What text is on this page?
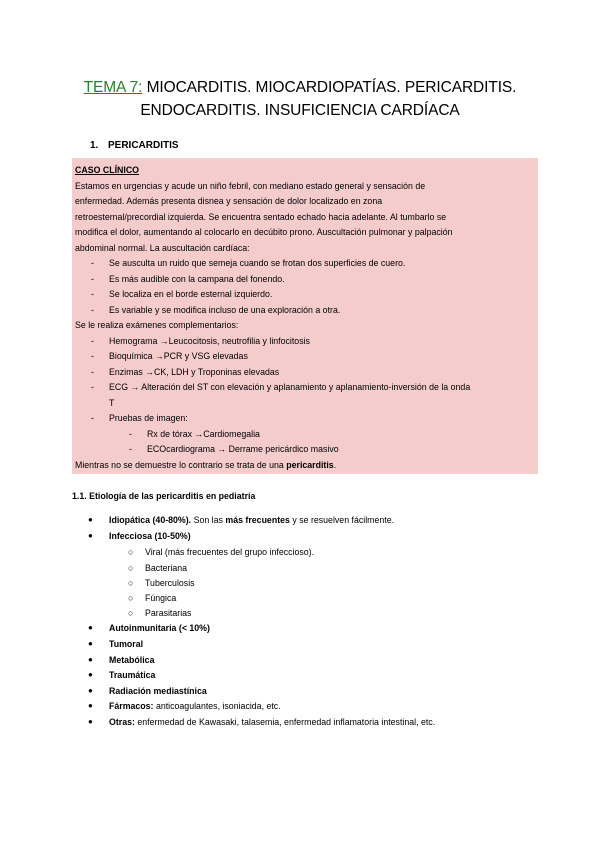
TEMA 7: MIOCARDITIS. MIOCARDIOPATÍAS. PERICARDITIS.
ENDOCARDITIS. INSUFICIENCIA CARDÍACA
1. PERICARDITIS

CASO CLÍNICO

Estamos en urgencias y acude un niño febril, con mediano estado general y sensación de

enfermedad. Además presenta disnea y sensación de dolor localizado en zona

retroesternal/precordial izquierda. Se encuentra sentado echado hacia adelante. Al tumbarlo se

modifica el dolor, aumentando al colocarlo en decúbito prono. Auscultación pulmonar y palpación

abdominal normal. La auscultación cardíaca:

- Se ausculta un ruido que semeja cuando se frotan dos superficies de cuero.

- Es más audible con la campana del fonendo.

- Se localiza en el borde esternal izquierdo.

- Es variable y se modifica incluso de una exploración a otra.

Se le realiza exámenes complementarios:

- Hemograma →Leucocitosis, neutrofilia y linfocitosis

- Bioquímica →PCR y VSG elevadas

- Enzimas →CK, LDH y Troponinas elevadas

- ECG → Alteración del ST con elevación y aplanamiento y aplanamiento-inversión de la onda

T

- Pruebas de imagen:

- Rx de tórax →Cardiomegalia

- ECOcardiograma → Derrame pericárdico masivo

Mientras no se demuestre lo contrario se trata de una pericarditis.

1.1. Etiología de las pericarditis en pediatría
● Idiopática (40-80%). Son las más frecuentes y se resuelven fácilmente.
● Infecciosa (10-50%)
○ Viral (más frecuentes del grupo infeccioso).
○ Bacteriana
○ Tuberculosis
○ Fúngica
○ Parasitarias
● Autoinmunitaria (< 10%)
● Tumoral
● Metabólica
● Traumática
● Radiación mediastínica
● Fármacos: anticoagulantes, isoniacida, etc.
● Otras: enfermedad de Kawasaki, talasemia, enfermedad inflamatoria intestinal, etc.
